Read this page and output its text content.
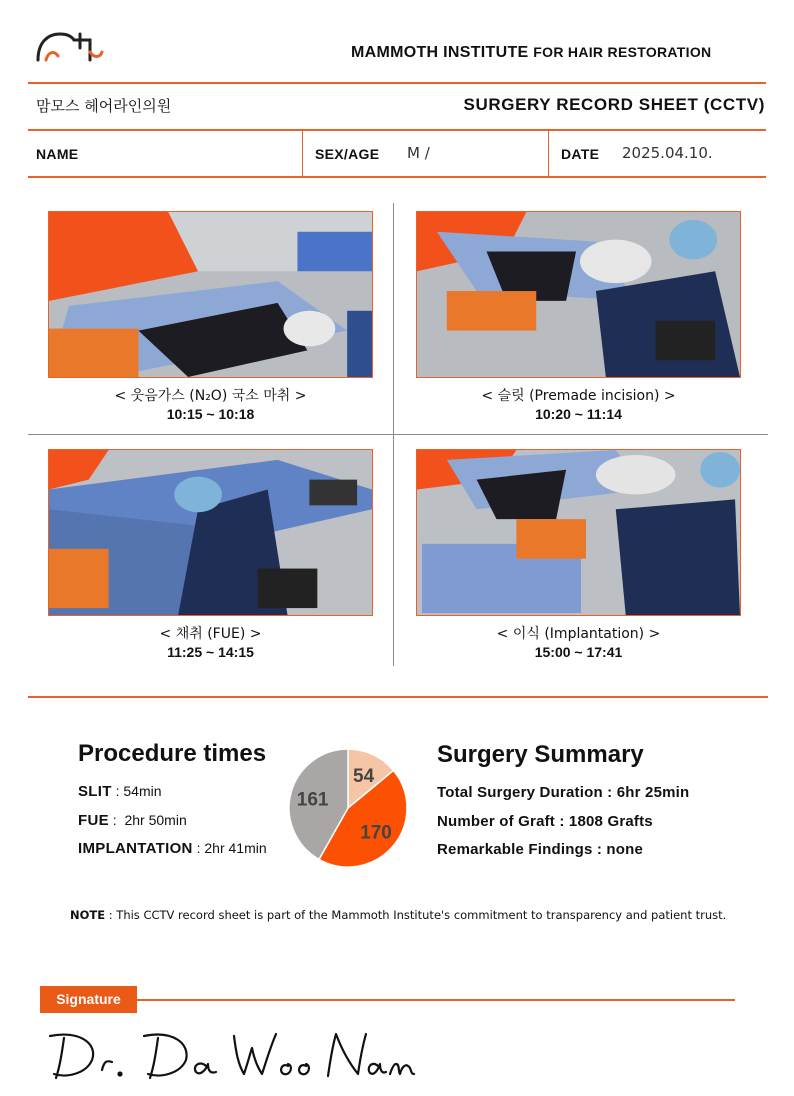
MAMMOTH INSTITUTE FOR HAIR RESTORATION
맘모스 헤어라인의원	SURGERY RECORD SHEET (CCTV)
NAME	SEX/AGE M /	DATE 2025.04.10.
< 웃음가스 (N₂O) 국소 마취 >
10:15 ~ 10:18
< 슬릿 (Premade incision) >
10:20 ~ 11:14
< 채취 (FUE) >
11:25 ~ 14:15
< 이식 (Implantation) >
15:00 ~ 17:41
Procedure times
SLIT : 54min
FUE :  2hr 50min
IMPLANTATION : 2hr 41min
54
170
161
Surgery Summary
Total Surgery Duration : 6hr 25min
Number of Graft : 1808 Grafts
Remarkable Findings : none
NOTE : This CCTV record sheet is part of the Mammoth Institute's commitment to transparency and patient trust.
Signature
